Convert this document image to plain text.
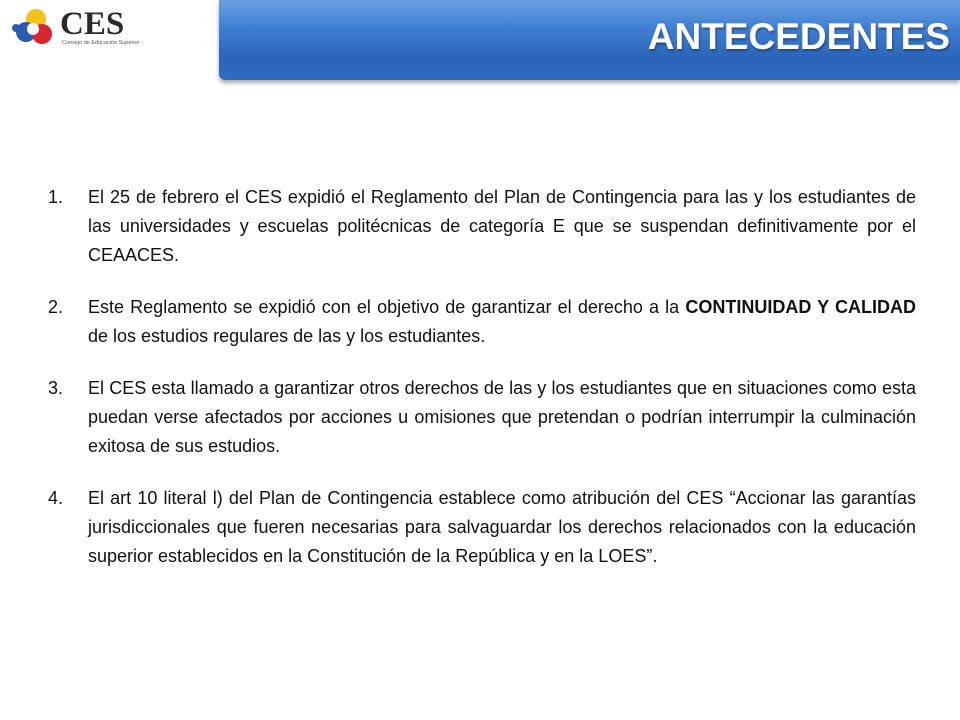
CES
Consejo de Educación Superior	ANTECEDENTES
1.	El 25 de febrero el CES expidió el Reglamento del Plan de Contingencia para las y los estudiantes de las universidades y escuelas politécnicas de categoría E que se suspendan definitivamente por el CEAACES.
2.	Este Reglamento se expidió con el objetivo de garantizar el derecho a la CONTINUIDAD Y CALIDAD de los estudios regulares de las y los estudiantes.
3.	El CES esta llamado a garantizar otros derechos de las y los estudiantes que en situaciones como esta puedan verse afectados por acciones u omisiones que pretendan o podrían interrumpir la culminación exitosa de sus estudios.
4.	El art 10 literal l) del Plan de Contingencia establece como atribución del CES “Accionar las garantías jurisdiccionales que fueren necesarias para salvaguardar los derechos relacionados con la educación superior establecidos en la Constitución de la República y en la LOES”.
